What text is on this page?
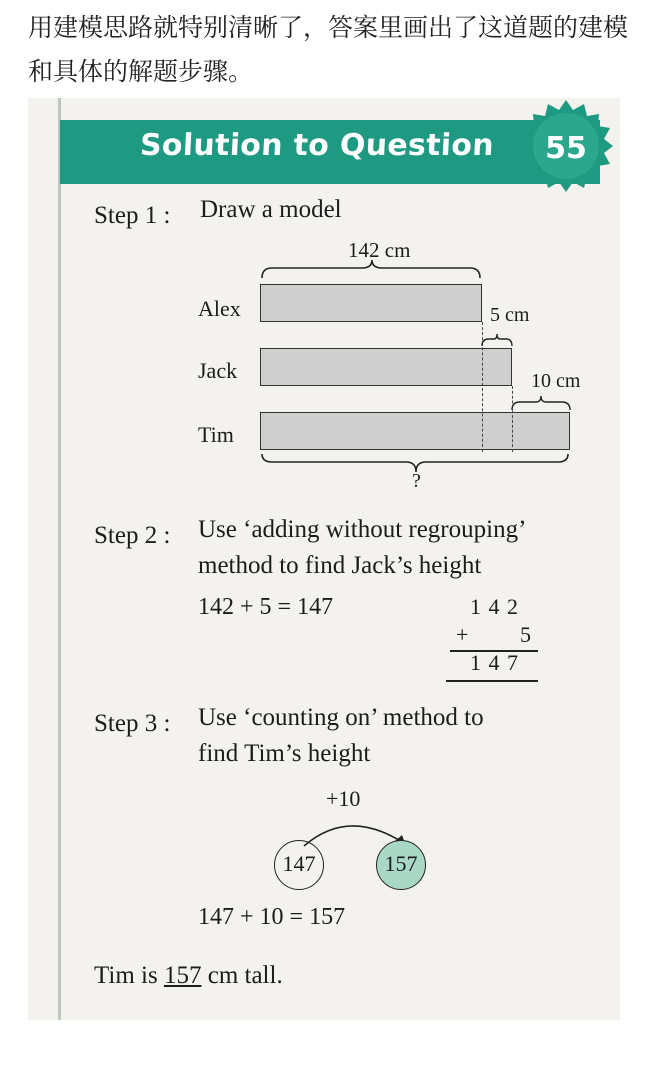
用建模思路就特别清晰了，答案里画出了这道题的建模和具体的解题步骤。
Solution to Question 55
Step 1 : Draw a model
142 cm
Alex
Jack
Tim
5 cm
10 cm
?
Step 2 : Use ‘adding without regrouping’
method to find Jack’s height
142 + 5 = 147	1 4 2
+ 5
1 4 7
Step 3 : Use ‘counting on’ method to
find Tim’s height
+10
147	157
147 + 10 = 157
Tim is 157 cm tall.
